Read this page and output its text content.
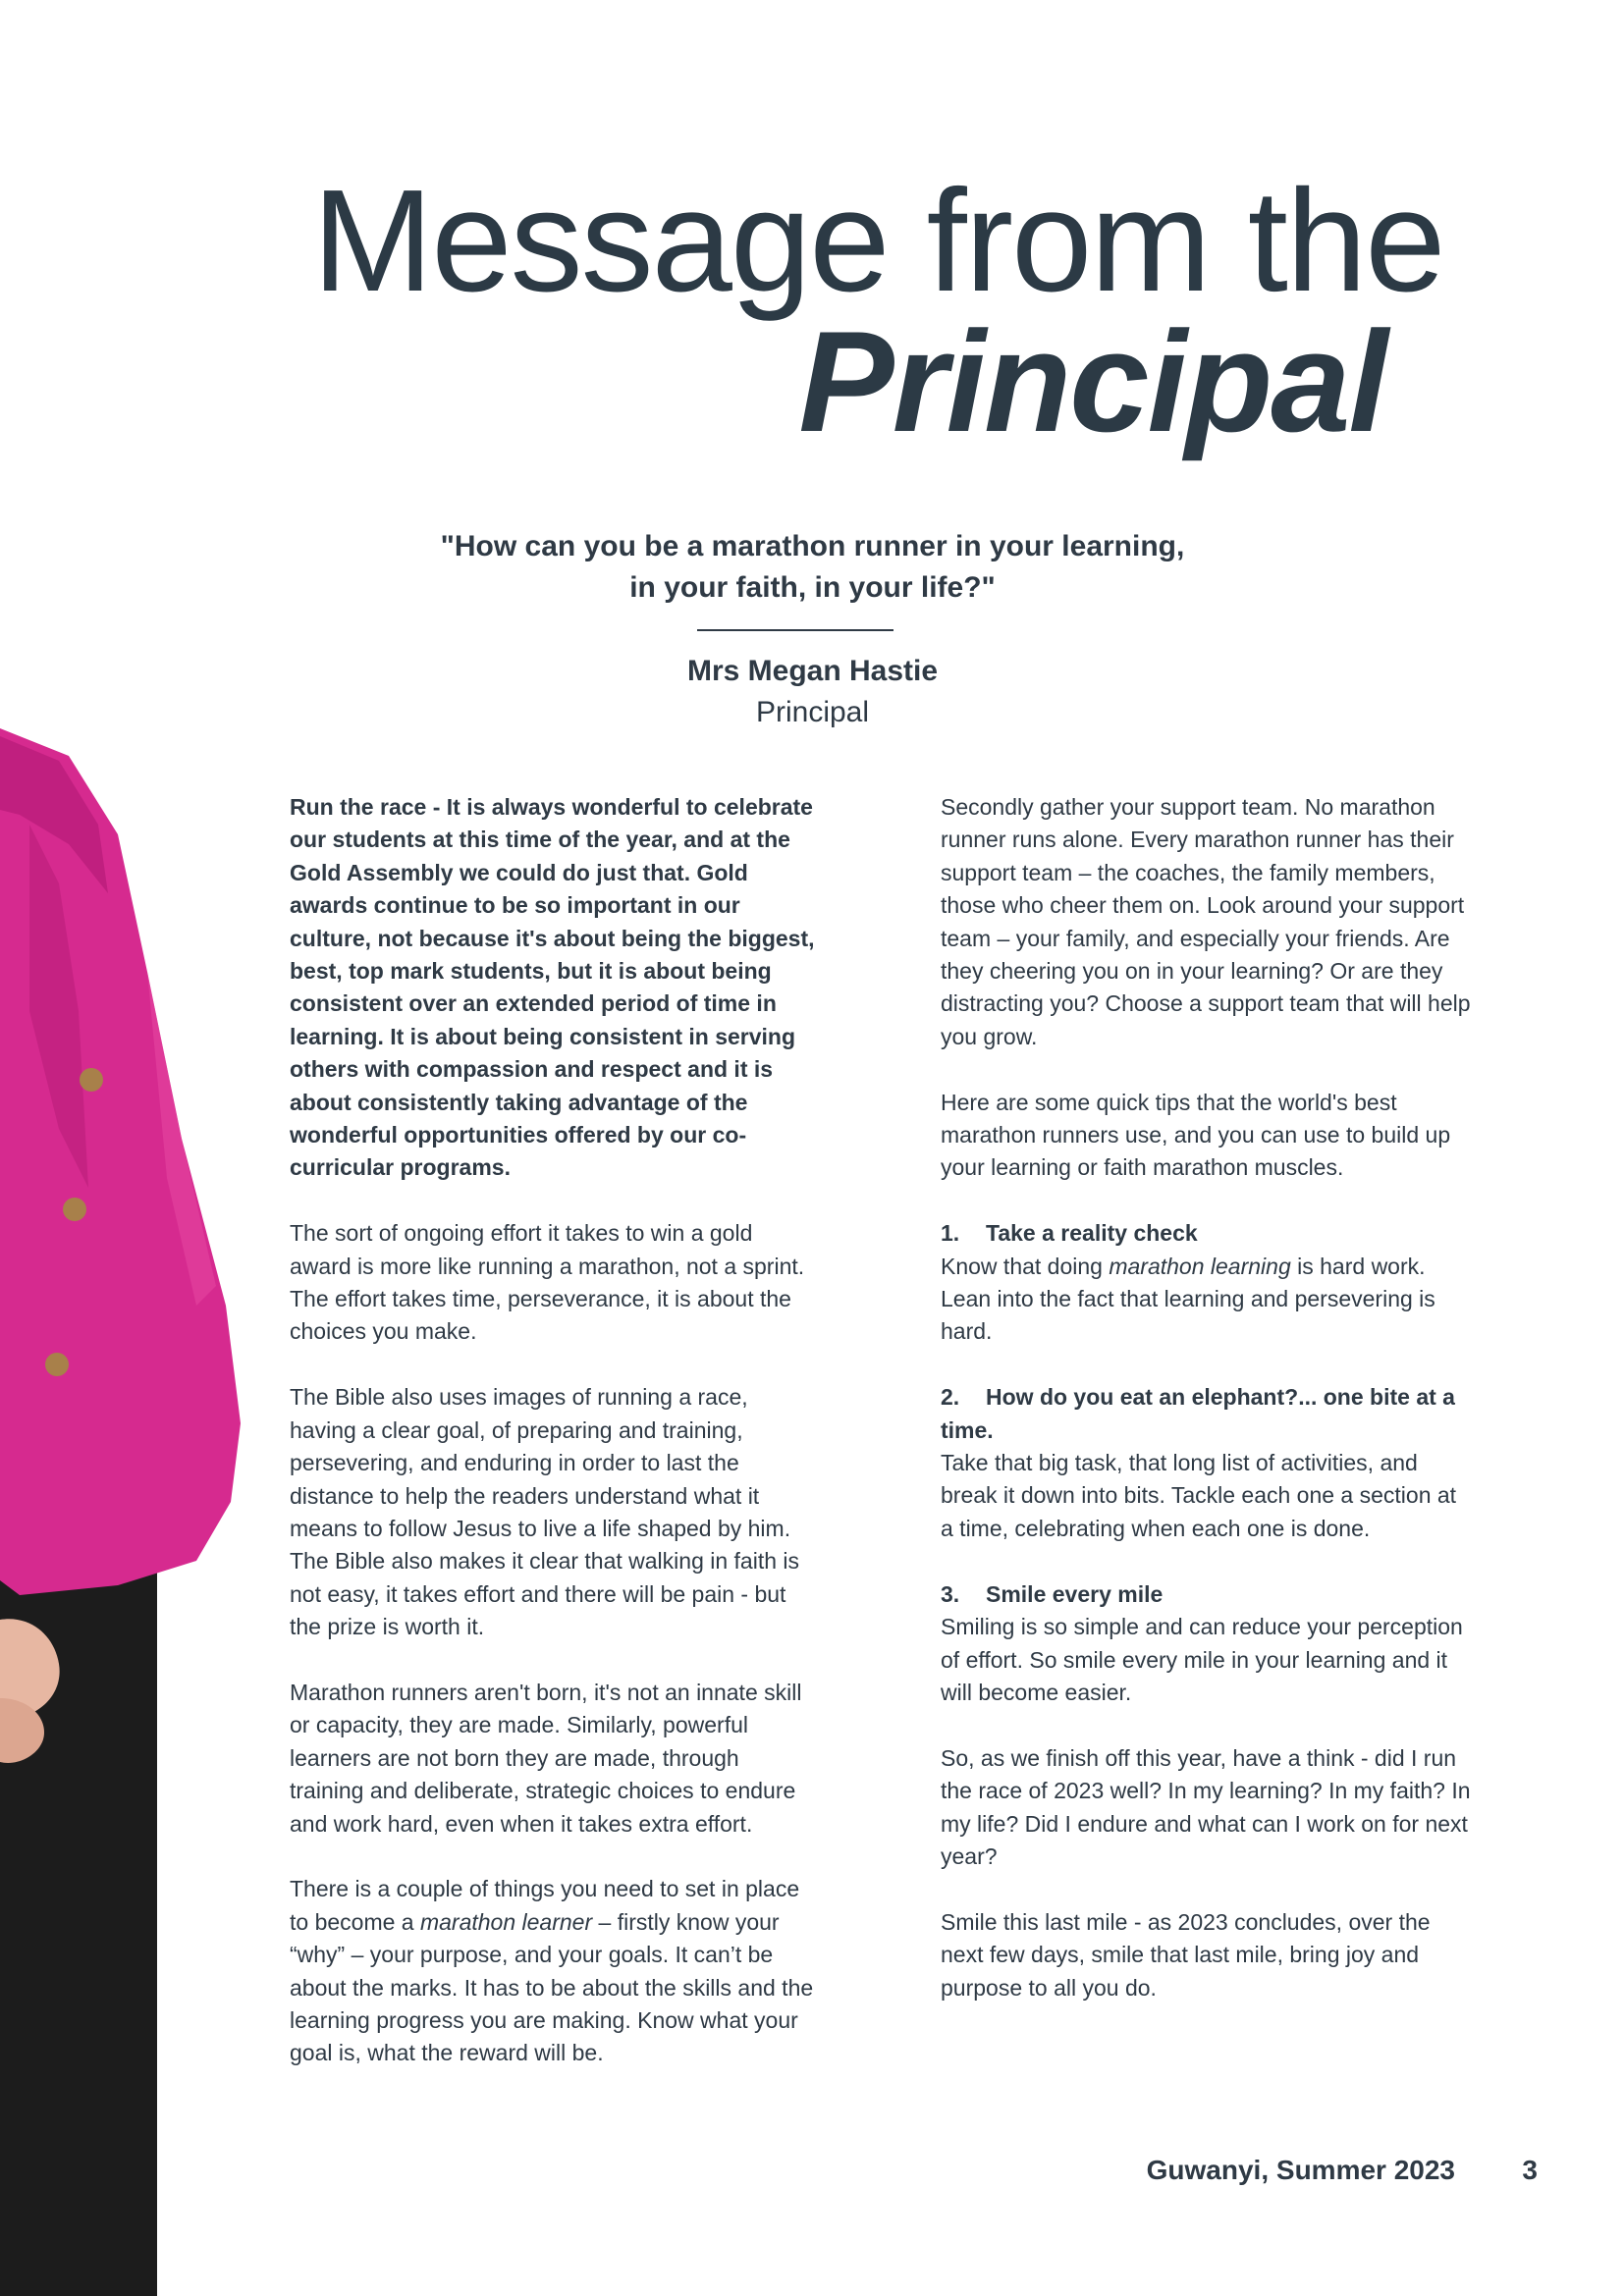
Message from the
Principal
"How can you be a marathon runner in your learning,
in your faith, in your life?"
Mrs Megan Hastie
Principal

Run the race - It is always wonderful to celebrate our students at this time of the year, and at the Gold Assembly we could do just that. Gold awards continue to be so important in our culture, not because it's about being the biggest, best, top mark students, but it is about being consistent over an extended period of time in learning. It is about being consistent in serving others with compassion and respect and it is about consistently taking advantage of the wonderful opportunities offered by our co-curricular programs.

The sort of ongoing effort it takes to win a gold award is more like running a marathon, not a sprint. The effort takes time, perseverance, it is about the choices you make.

The Bible also uses images of running a race, having a clear goal, of preparing and training, persevering, and enduring in order to last the distance to help the readers understand what it means to follow Jesus to live a life shaped by him. The Bible also makes it clear that walking in faith is not easy, it takes effort and there will be pain - but the prize is worth it.

Marathon runners aren't born, it's not an innate skill or capacity, they are made. Similarly, powerful learners are not born they are made, through training and deliberate, strategic choices to endure and work hard, even when it takes extra effort.

There is a couple of things you need to set in place to become a marathon learner – firstly know your “why” – your purpose, and your goals. It can’t be about the marks. It has to be about the skills and the learning progress you are making. Know what your goal is, what the reward will be.

Secondly gather your support team. No marathon runner runs alone. Every marathon runner has their support team – the coaches, the family members, those who cheer them on. Look around your support team – your family, and especially your friends. Are they cheering you on in your learning? Or are they distracting you? Choose a support team that will help you grow.

Here are some quick tips that the world's best marathon runners use, and you can use to build up your learning or faith marathon muscles.

1. Take a reality check
Know that doing marathon learning is hard work. Lean into the fact that learning and persevering is hard.

2. How do you eat an elephant?... one bite at a time.
Take that big task, that long list of activities, and break it down into bits. Tackle each one a section at a time, celebrating when each one is done.

3. Smile every mile
Smiling is so simple and can reduce your perception of effort. So smile every mile in your learning and it will become easier.

So, as we finish off this year, have a think - did I run the race of 2023 well? In my learning? In my faith? In my life? Did I endure and what can I work on for next year?

Smile this last mile - as 2023 concludes, over the next few days, smile that last mile, bring joy and purpose to all you do.

Guwanyi, Summer 2023 3
